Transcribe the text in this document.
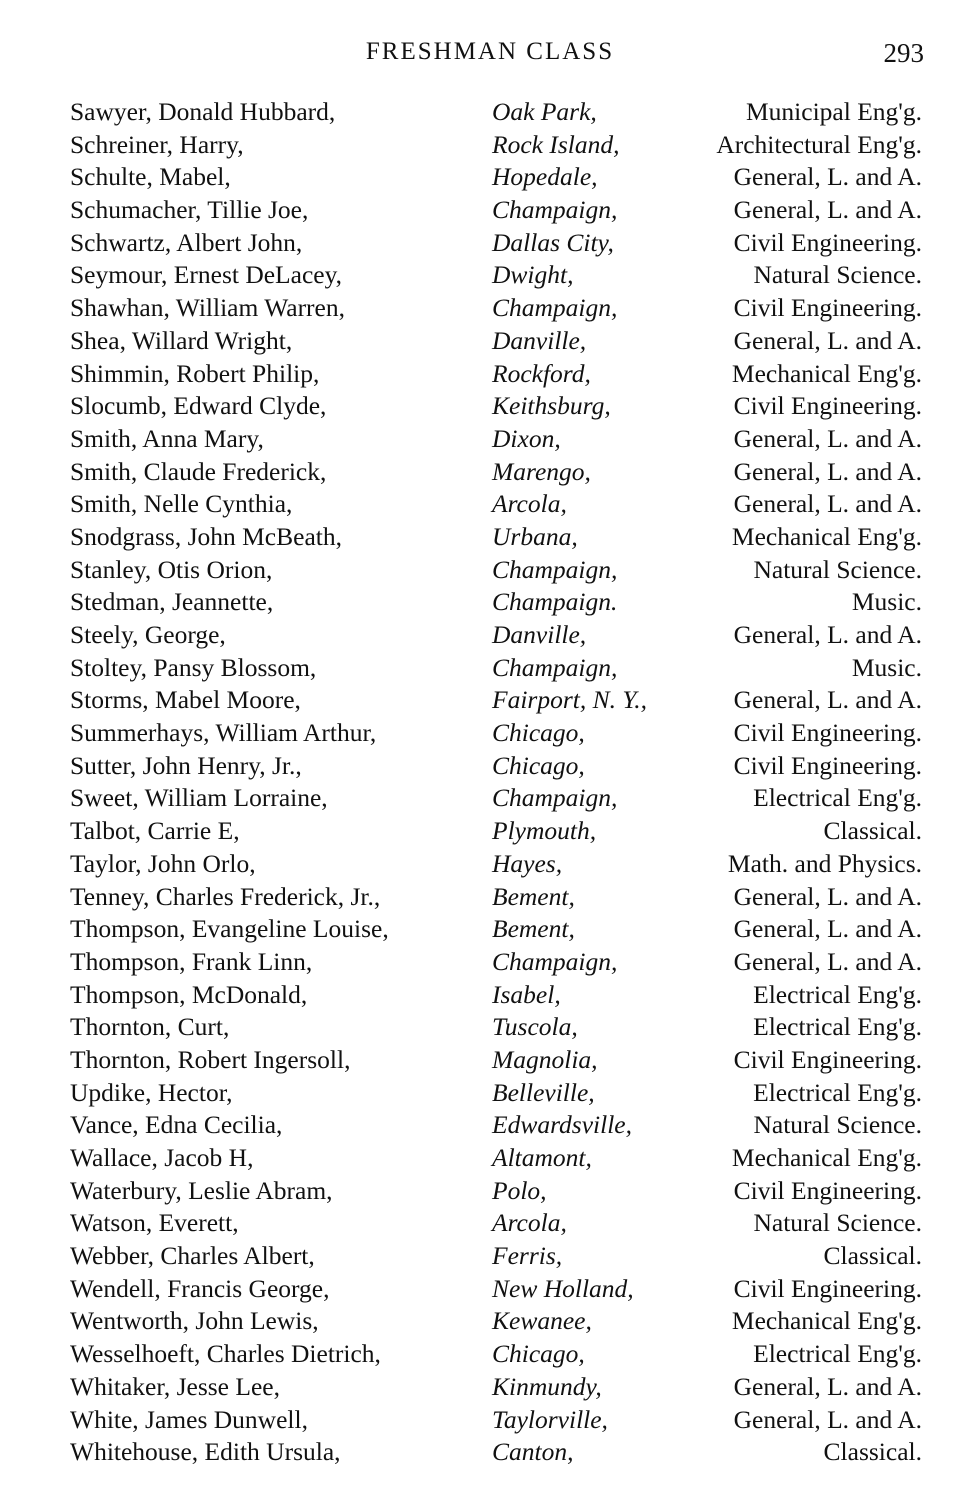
FRESHMAN CLASS	293
Sawyer, Donald Hubbard,	Oak Park,	Municipal Eng'g.
Schreiner, Harry,	Rock Island,	Architectural Eng'g.
Schulte, Mabel,	Hopedale,	General, L. and A.
Schumacher, Tillie Joe,	Champaign,	General, L. and A.
Schwartz, Albert John,	Dallas City,	Civil Engineering.
Seymour, Ernest DeLacey,	Dwight,	Natural Science.
Shawhan, William Warren,	Champaign,	Civil Engineering.
Shea, Willard Wright,	Danville,	General, L. and A.
Shimmin, Robert Philip,	Rockford,	Mechanical Eng'g.
Slocumb, Edward Clyde,	Keithsburg,	Civil Engineering.
Smith, Anna Mary,	Dixon,	General, L. and A.
Smith, Claude Frederick,	Marengo,	General, L. and A.
Smith, Nelle Cynthia,	Arcola,	General, L. and A.
Snodgrass, John McBeath,	Urbana,	Mechanical Eng'g.
Stanley, Otis Orion,	Champaign,	Natural Science.
Stedman, Jeannette,	Champaign.	Music.
Steely, George,	Danville,	General, L. and A.
Stoltey, Pansy Blossom,	Champaign,	Music.
Storms, Mabel Moore,	Fairport, N. Y.,	General, L. and A.
Summerhays, William Arthur,	Chicago,	Civil Engineering.
Sutter, John Henry, Jr.,	Chicago,	Civil Engineering.
Sweet, William Lorraine,	Champaign,	Electrical Eng'g.
Talbot, Carrie E,	Plymouth,	Classical.
Taylor, John Orlo,	Hayes,	Math. and Physics.
Tenney, Charles Frederick, Jr.,	Bement,	General, L. and A.
Thompson, Evangeline Louise,	Bement,	General, L. and A.
Thompson, Frank Linn,	Champaign,	General, L. and A.
Thompson, McDonald,	Isabel,	Electrical Eng'g.
Thornton, Curt,	Tuscola,	Electrical Eng'g.
Thornton, Robert Ingersoll,	Magnolia,	Civil Engineering.
Updike, Hector,	Belleville,	Electrical Eng'g.
Vance, Edna Cecilia,	Edwardsville,	Natural Science.
Wallace, Jacob H,	Altamont,	Mechanical Eng'g.
Waterbury, Leslie Abram,	Polo,	Civil Engineering.
Watson, Everett,	Arcola,	Natural Science.
Webber, Charles Albert,	Ferris,	Classical.
Wendell, Francis George,	New Holland,	Civil Engineering.
Wentworth, John Lewis,	Kewanee,	Mechanical Eng'g.
Wesselhoeft, Charles Dietrich,	Chicago,	Electrical Eng'g.
Whitaker, Jesse Lee,	Kinmundy,	General, L. and A.
White, James Dunwell,	Taylorville,	General, L. and A.
Whitehouse, Edith Ursula,	Canton,	Classical.
